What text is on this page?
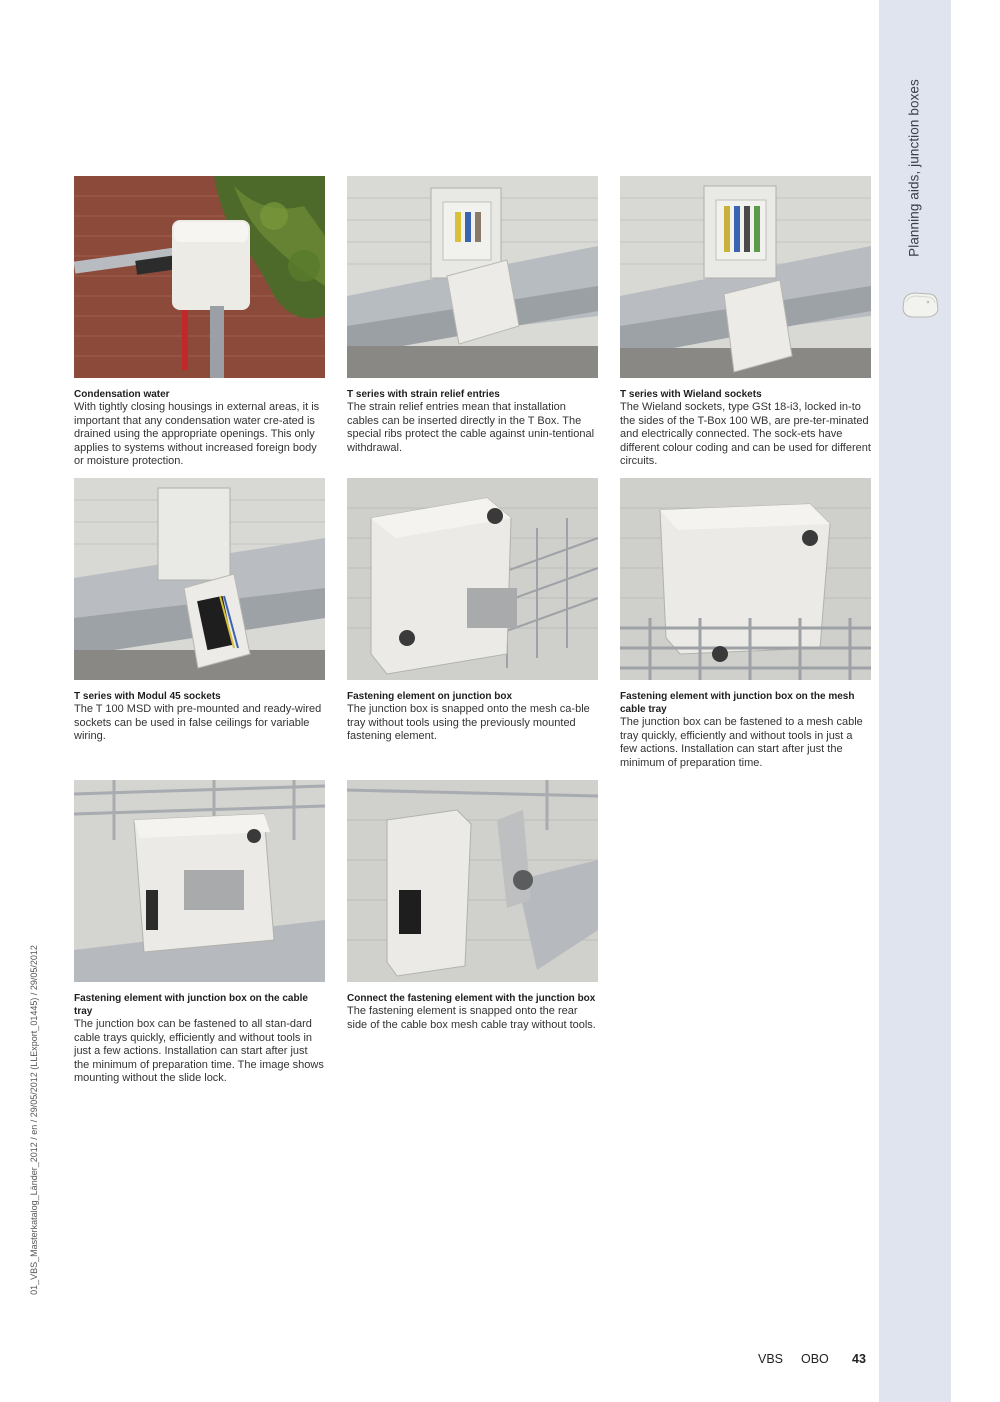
Planning aids, junction boxes
01_VBS_Masterkatalog_Länder_2012 / en / 29/05/2012 (LLExport_01445) / 29/05/2012
Condensation water
With tightly closing housings in external areas, it is important that any condensation water cre-ated is drained using the appropriate openings. This only applies to systems without increased foreign body or moisture protection.
T series with strain relief entries
The strain relief entries mean that installation cables can be inserted directly in the T Box. The special ribs protect the cable against unin-tentional withdrawal.
T series with Wieland sockets
The Wieland sockets, type GSt 18-i3, locked in-to the sides of the T-Box 100 WB, are pre-ter-minated and electrically connected. The sock-ets have different colour coding and can be used for different circuits.
T series with Modul 45 sockets
The T 100 MSD with pre-mounted and ready-wired sockets can be used in false ceilings for variable wiring.
Fastening element on junction box
The junction box is snapped onto the mesh ca-ble tray without tools using the previously mounted fastening element.
Fastening element with junction box on the mesh cable tray
The junction box can be fastened to a mesh cable tray quickly, efficiently and without tools in just a few actions. Installation can start after just the minimum of preparation time.
Fastening element with junction box on the cable tray
The junction box can be fastened to all stan-dard cable trays quickly, efficiently and without tools in just a few actions. Installation can start after just the minimum of preparation time. The image shows mounting without the slide lock.
Connect the fastening element with the junction box
The fastening element is snapped onto the rear side of the cable box mesh cable tray without tools.
VBS OBO 43
